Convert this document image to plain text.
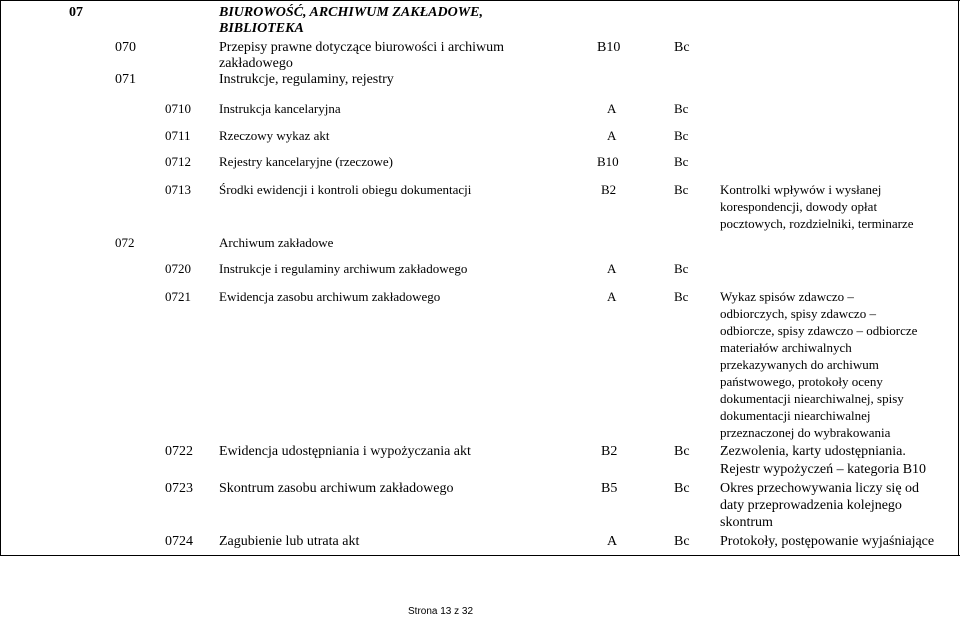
07	BIUROWOŚĆ, ARCHIWUM ZAKŁADOWE,
BIBLIOTEKA
070	Przepisy prawne dotyczące biurowości i archiwum
zakładowego
B10	Bc
071	Instrukcje, regulaminy, rejestry
0710 Instrukcja kancelaryjna	A	Bc
0711 Rzeczowy wykaz akt	A	Bc
0712 Rejestry kancelaryjne (rzeczowe)	B10	Bc
0713 Środki ewidencji i kontroli obiegu dokumentacji	B2	Bc Kontrolki wpływów i wysłanej
korespondencji, dowody opłat
pocztowych, rozdzielniki, terminarze
072	Archiwum zakładowe
0720 Instrukcje i regulaminy archiwum zakładowego	A	Bc
0721 Ewidencja zasobu archiwum zakładowego	A	Bc Wykaz spisów zdawczo –
odbiorczych, spisy zdawczo –
odbiorcze, spisy zdawczo – odbiorcze
materiałów archiwalnych
przekazywanych do archiwum
państwowego, protokoły oceny
dokumentacji niearchiwalnej, spisy
dokumentacji niearchiwalnej
przeznaczonej do wybrakowania
0722 Ewidencja udostępniania i wypożyczania akt	B2	Bc Zezwolenia, karty udostępniania.
Rejestr wypożyczeń – kategoria B10
0723 Skontrum zasobu archiwum zakładowego	B5	Bc Okres przechowywania liczy się od
daty przeprowadzenia kolejnego
skontrum
0724 Zagubienie lub utrata akt	A	Bc Protokoły, postępowanie wyjaśniające
Strona 13 z 32
